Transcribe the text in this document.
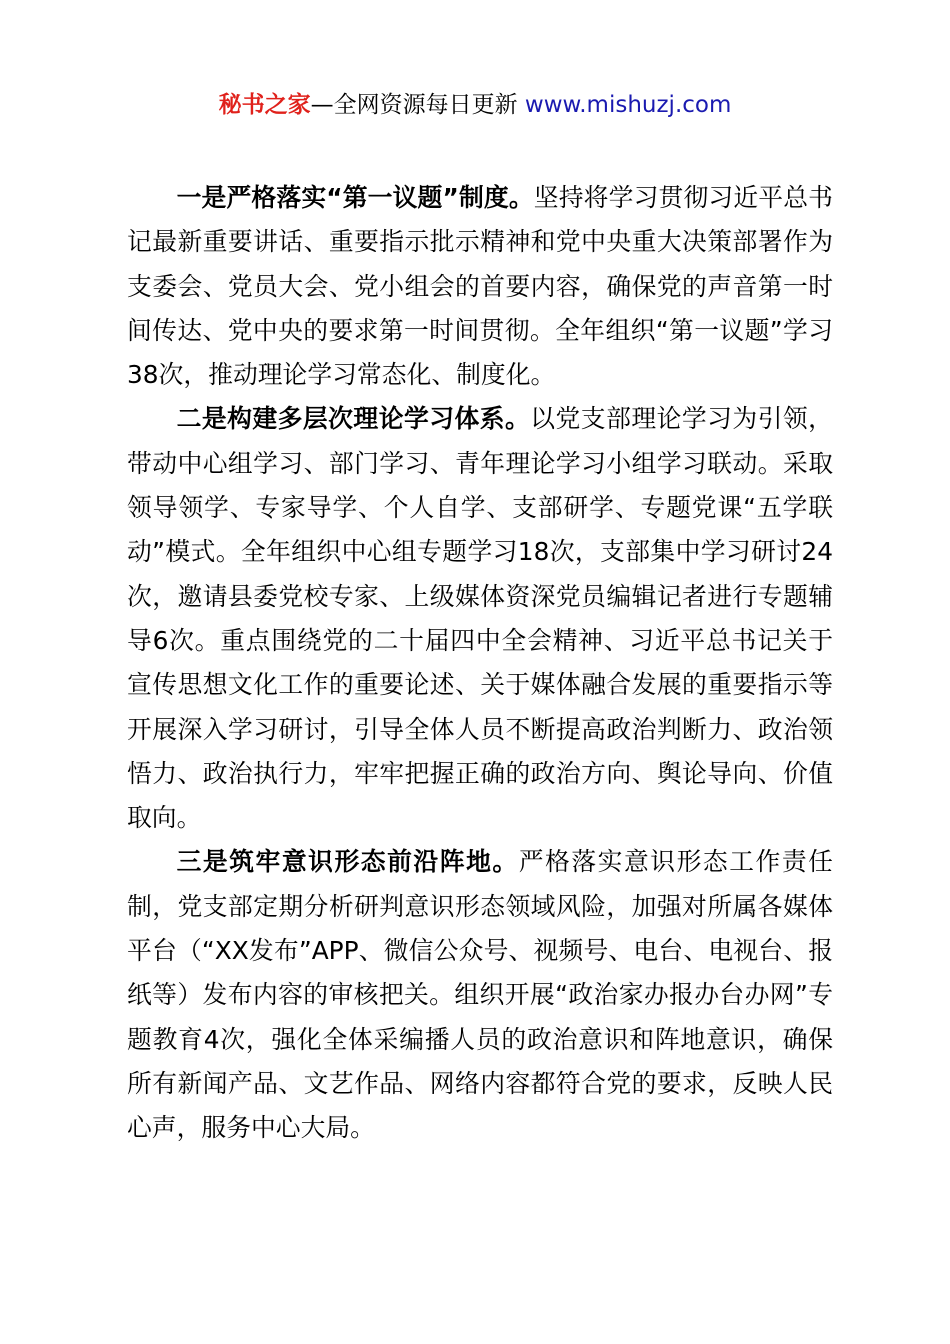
秘书之家—全网资源每日更新 www.mishuzj.com

一是严格落实“第一议题”制度。坚持将学习贯彻习近平总书记最新重要讲话、重要指示批示精神和党中央重大决策部署作为支委会、党员大会、党小组会的首要内容，确保党的声音第一时间传达、党中央的要求第一时间贯彻。全年组织“第一议题”学习38次，推动理论学习常态化、制度化。

二是构建多层次理论学习体系。以党支部理论学习为引领，带动中心组学习、部门学习、青年理论学习小组学习联动。采取领导领学、专家导学、个人自学、支部研学、专题党课“五学联动”模式。全年组织中心组专题学习18次，支部集中学习研讨24次，邀请县委党校专家、上级媒体资深党员编辑记者进行专题辅导6次。重点围绕党的二十届四中全会精神、习近平总书记关于宣传思想文化工作的重要论述、关于媒体融合发展的重要指示等开展深入学习研讨，引导全体人员不断提高政治判断力、政治领悟力、政治执行力，牢牢把握正确的政治方向、舆论导向、价值取向。

三是筑牢意识形态前沿阵地。严格落实意识形态工作责任制，党支部定期分析研判意识形态领域风险，加强对所属各媒体平台（“XX发布”APP、微信公众号、视频号、电台、电视台、报纸等）发布内容的审核把关。组织开展“政治家办报办台办网”专题教育4次，强化全体采编播人员的政治意识和阵地意识，确保所有新闻产品、文艺作品、网络内容都符合党的要求，反映人民心声，服务中心大局。
